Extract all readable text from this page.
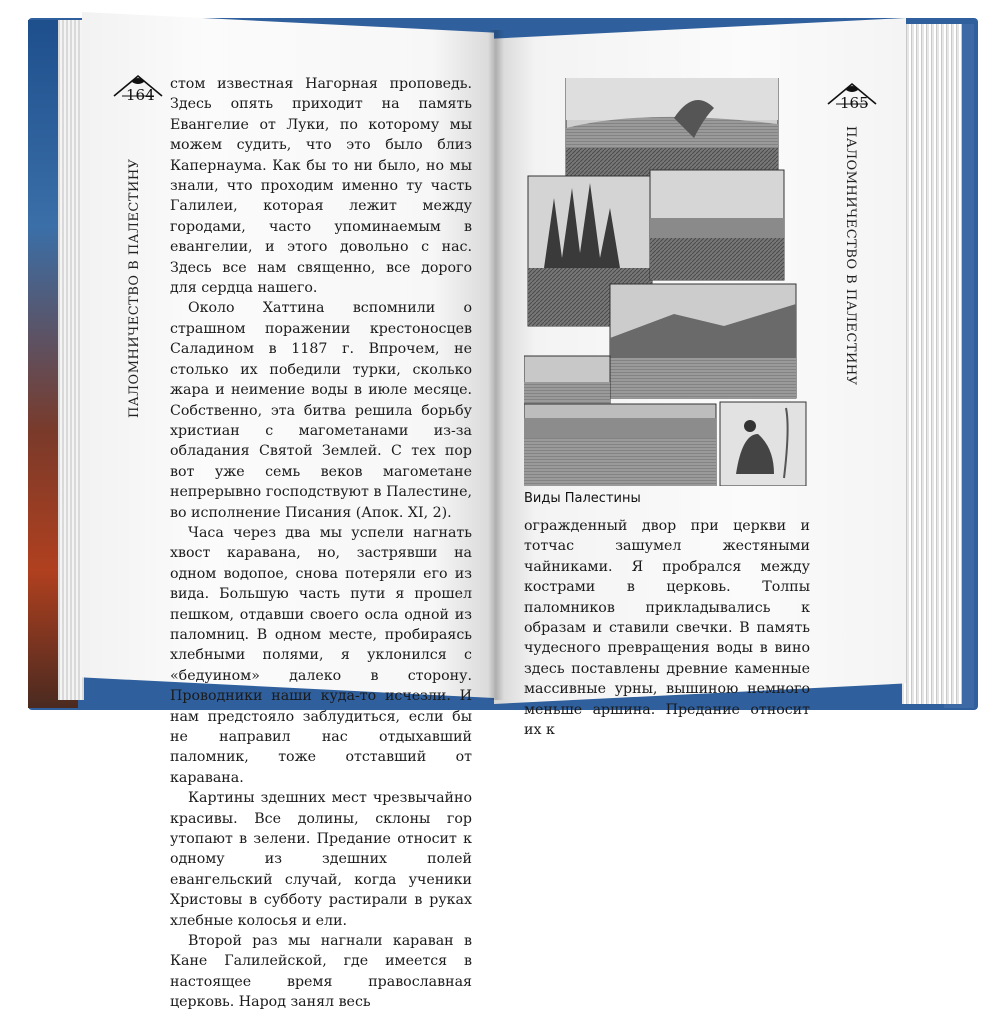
164
ПАЛОМНИЧЕСТВО В ПАЛЕСТИНУ

стом известная Нагорная проповедь. Здесь опять приходит на память Евангелие от Луки, по которому мы можем судить, что это было близ Капернаума. Как бы то ни было, но мы знали, что проходим именно ту часть Галилеи, которая лежит между городами, часто упоминаемым в евангелии, и этого довольно с нас. Здесь все нам священно, все дорого для сердца нашего.

Около Хаттина вспомнили о страшном поражении крестоносцев Саладином в 1187 г. Впрочем, не столько их победили турки, сколько жара и неимение воды в июле месяце. Собственно, эта битва решила борьбу христиан с магометанами из-за обладания Святой Землей. С тех пор вот уже семь веков магометане непрерывно господствуют в Палестине, во исполнение Писания (Апок. XI, 2).

Часа через два мы успели нагнать хвост каравана, но, застрявши на одном водопое, снова потеряли его из вида. Большую часть пути я прошел пешком, отдавши своего осла одной из паломниц. В одном месте, пробираясь хлебными полями, я уклонился с «бедуином» далеко в сторону. Проводники наши куда-то исчезли. И нам предстояло заблудиться, если бы не направил нас отдыхавший паломник, тоже отставший от каравана.

Картины здешних мест чрезвычайно красивы. Все долины, склоны гор утопают в зелени. Предание относит к одному из здешних полей евангельский случай, когда ученики Христовы в субботу растирали в руках хлебные колосья и ели.

Второй раз мы нагнали караван в Кане Галилейской, где имеется в настоящее время православная церковь. Народ занял весь

165
ПАЛОМНИЧЕСТВО В ПАЛЕСТИНУ
Виды Палестины

огражденный двор при церкви и тотчас зашумел жестяными чайниками. Я пробрался между кострами в церковь. Толпы паломников прикладывались к образам и ставили свечки. В память чудесного превращения воды в вино здесь поставлены древние каменные массивные урны, вышиною немного меньше аршина. Предание относит их к
